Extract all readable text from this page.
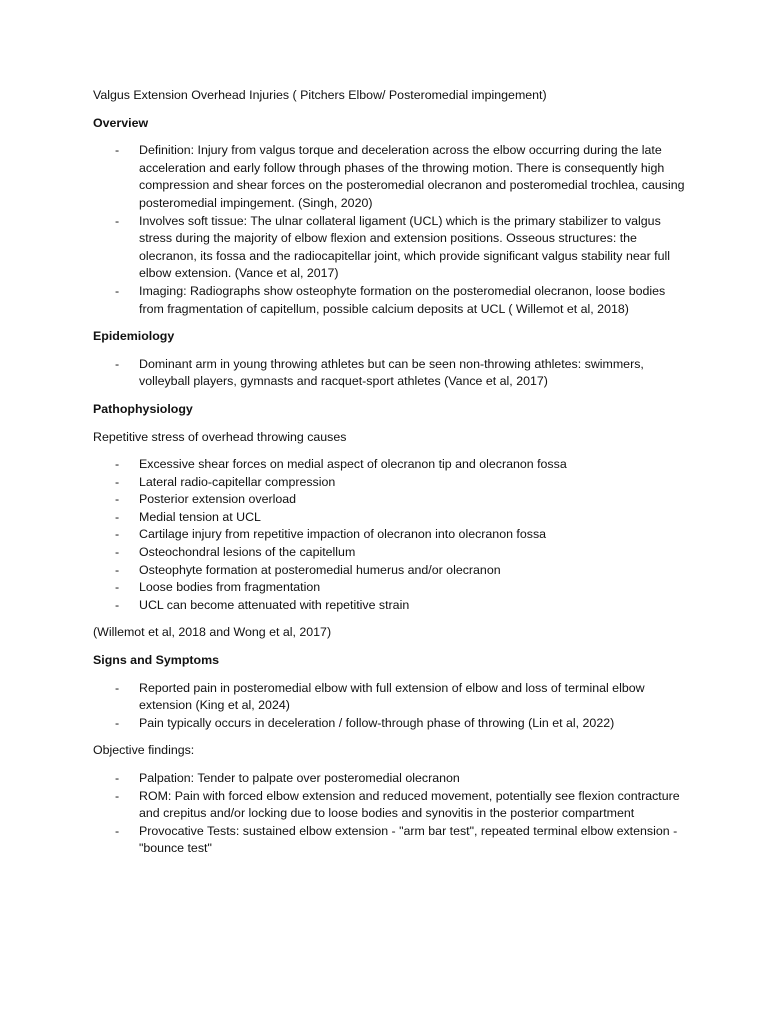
Valgus Extension Overhead Injuries ( Pitchers Elbow/ Posteromedial impingement)

Overview

- Definition: Injury from valgus torque and deceleration across the elbow occurring during the late acceleration and early follow through phases of the throwing motion. There is consequently high compression and shear forces on the posteromedial olecranon and posteromedial trochlea, causing posteromedial impingement. (Singh, 2020)
- Involves soft tissue: The ulnar collateral ligament (UCL) which is the primary stabilizer to valgus stress during the majority of elbow flexion and extension positions. Osseous structures: the olecranon, its fossa and the radiocapitellar joint, which provide significant valgus stability near full elbow extension. (Vance et al, 2017)
- Imaging: Radiographs show osteophyte formation on the posteromedial olecranon, loose bodies from fragmentation of capitellum, possible calcium deposits at UCL ( Willemot et al, 2018)

Epidemiology

- Dominant arm in young throwing athletes but can be seen non-throwing athletes: swimmers, volleyball players, gymnasts and racquet-sport athletes (Vance et al, 2017)

Pathophysiology

Repetitive stress of overhead throwing causes

- Excessive shear forces on medial aspect of olecranon tip and olecranon fossa
- Lateral radio-capitellar compression
- Posterior extension overload
- Medial tension at UCL
- Cartilage injury from repetitive impaction of olecranon into olecranon fossa
- Osteochondral lesions of the capitellum
- Osteophyte formation at posteromedial humerus and/or olecranon
- Loose bodies from fragmentation
- UCL can become attenuated with repetitive strain

(Willemot et al, 2018 and Wong et al, 2017)

Signs and Symptoms

- Reported pain in posteromedial elbow with full extension of elbow and loss of terminal elbow extension (King et al, 2024)
- Pain typically occurs in deceleration / follow-through phase of throwing (Lin et al, 2022)

Objective findings:

- Palpation: Tender to palpate over posteromedial olecranon
- ROM: Pain with forced elbow extension and reduced movement, potentially see flexion contracture and crepitus and/or locking due to loose bodies and synovitis in the posterior compartment
- Provocative Tests: sustained elbow extension - "arm bar test", repeated terminal elbow extension - "bounce test"
